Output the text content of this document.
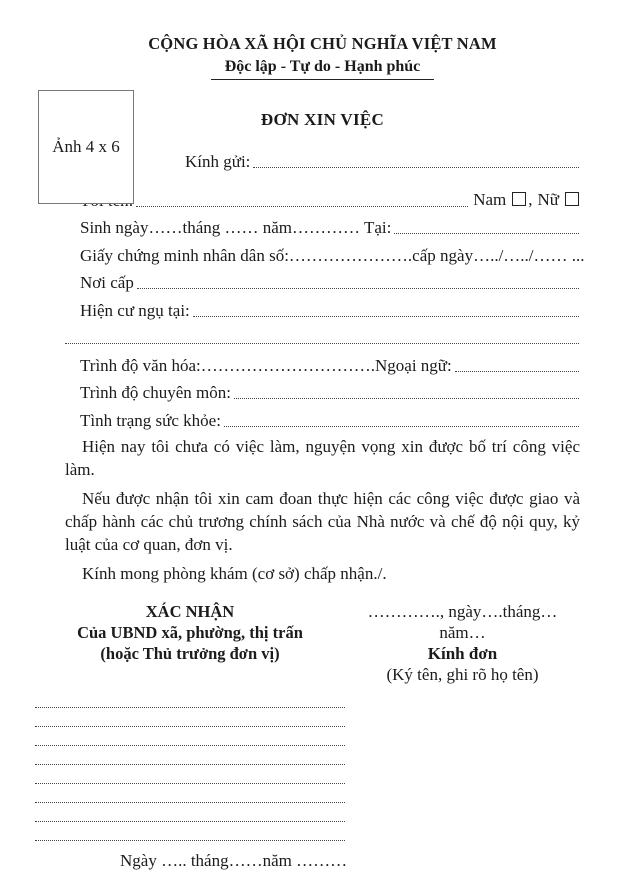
CỘNG HÒA XÃ HỘI CHỦ NGHĨA VIỆT NAM
Độc lập - Tự do - Hạnh phúc
Ảnh 4 x 6
ĐƠN XIN VIỆC
Kính gửi:
Nam , Nữ
Sinh ngày……tháng …… năm………… Tại:
Giấy chứng minh nhân dân số:………………….cấp ngày…../…../…… ...
Nơi cấp
Hiện cư ngụ tại:
Trình độ văn hóa:…………………………. Ngoại ngữ:
Trình độ chuyên môn:
Tình trạng sức khỏe:

Hiện nay tôi chưa có việc làm, nguyện vọng xin được bố trí công việc làm.

Nếu được nhận tôi xin cam đoan thực hiện các công việc được giao và chấp hành các chủ trương chính sách của Nhà nước và chế độ nội quy, kỷ luật của cơ quan, đơn vị.

Kính mong phòng khám (cơ sở) chấp nhận./.

XÁC NHẬN
Của UBND xã, phường, thị trấn
(hoặc Thủ trưởng đơn vị)
…………., ngày….tháng… năm…
Kính đơn
(Ký tên, ghi rõ họ tên)
Ngày ….. tháng……năm ………
